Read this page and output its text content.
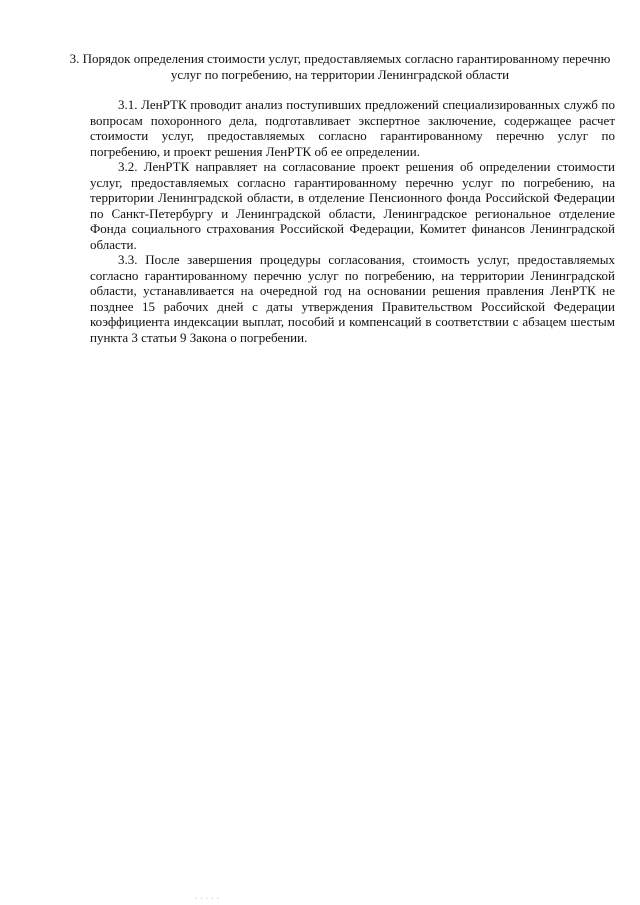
3. Порядок определения стоимости услуг, предоставляемых согласно гарантированному перечню
услуг по погребению, на территории Ленинградской области

3.1. ЛенРТК проводит анализ поступивших предложений специализированных служб по вопросам похоронного дела, подготавливает экспертное заключение, содержащее расчет стоимости услуг, предоставляемых согласно гарантированному перечню услуг по погребению, и проект решения ЛенРТК об ее определении.

3.2. ЛенРТК направляет на согласование проект решения об определении стоимости услуг, предоставляемых согласно гарантированному перечню услуг по погребению, на территории Ленинградской области, в отделение Пенсионного фонда Российской Федерации по Санкт-Петербургу и Ленинградской области, Ленинградское региональное отделение Фонда социального страхования Российской Федерации, Комитет финансов Ленинградской области.

3.3. После завершения процедуры согласования, стоимость услуг, предоставляемых согласно гарантированному перечню услуг по погребению, на территории Ленинградской области, устанавливается на очередной год на основании решения правления ЛенРТК не позднее 15 рабочих дней с даты утверждения Правительством Российской Федерации коэффициента индексации выплат, пособий и компенсаций в соответствии с абзацем шестым пункта 3 статьи 9 Закона о погребении.

· · · · ·
